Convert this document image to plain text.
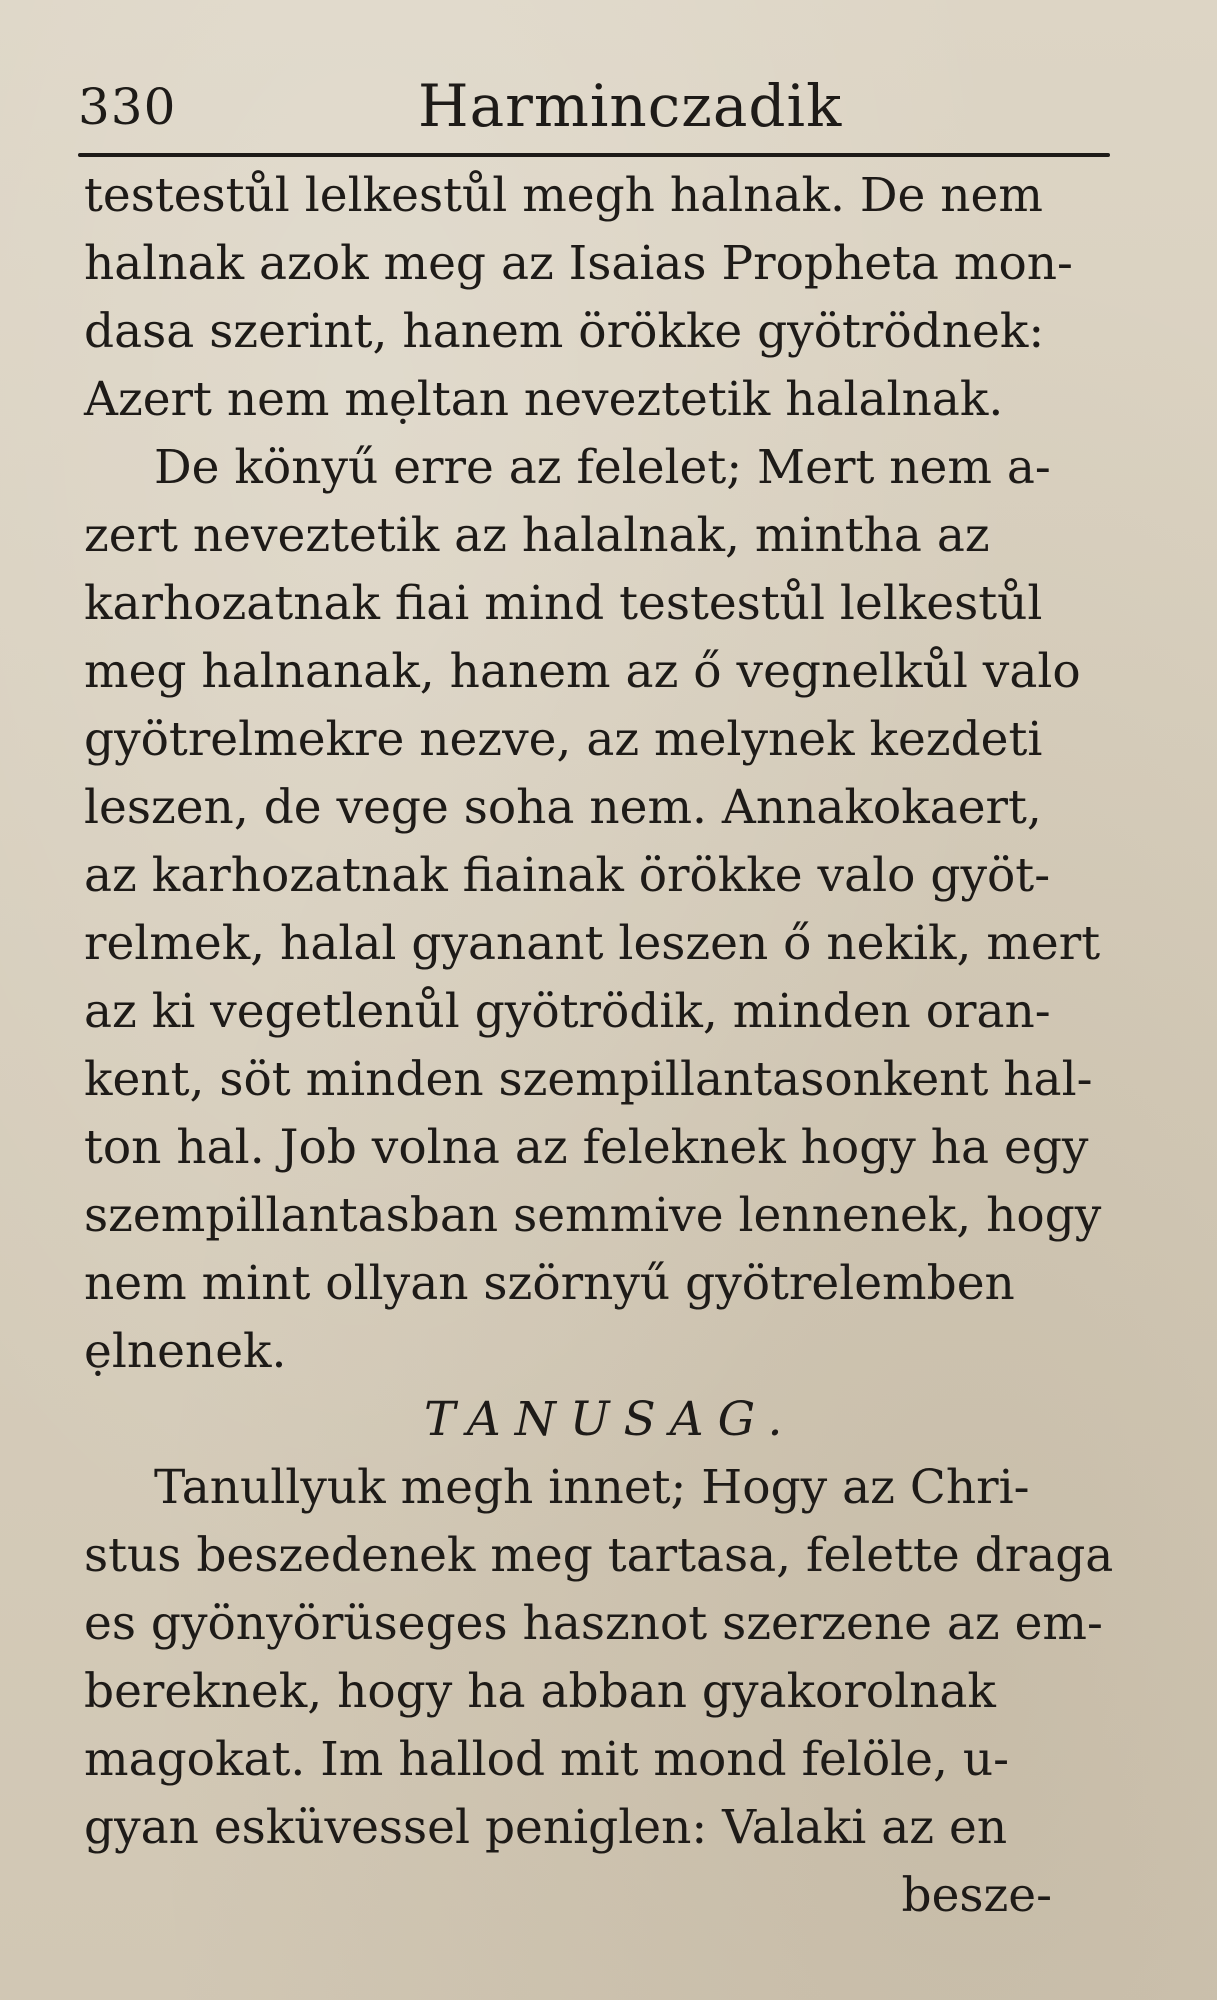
330	Harminczadik
testestůl lelkestůl megh halnak. De nem
halnak azok meg az Isaias Propheta mon-
dasa szerint, hanem örökke gyötrödnek:
Azert nem mẹltan neveztetik halalnak.
De könyű erre az felelet; Mert nem a-
zert neveztetik az halalnak, mintha az
karhozatnak fiai mind testestůl lelkestůl
meg halnanak, hanem az ő vegnelkůl valo
gyötrelmekre nezve, az melynek kezdeti
leszen, de vege soha nem. Annakokaert,
az karhozatnak fiainak örökke valo gyöt-
relmek, halal gyanant leszen ő nekik, mert
az ki vegetlenůl gyötrödik, minden oran-
kent, söt minden szempillantasonkent hal-
ton hal. Job volna az feleknek hogy ha egy
szempillantasban semmive lennenek, hogy
nem mint ollyan szörnyű gyötrelemben
ẹlnenek.
TANUSAG.
Tanullyuk megh innet; Hogy az Chri-
stus beszedenek meg tartasa, felette draga
es gyönyörüseges hasznot szerzene az em-
bereknek, hogy ha abban gyakorolnak
magokat. Im hallod mit mond felöle, u-
gyan esküvessel peniglen: Valaki az en
besze-
